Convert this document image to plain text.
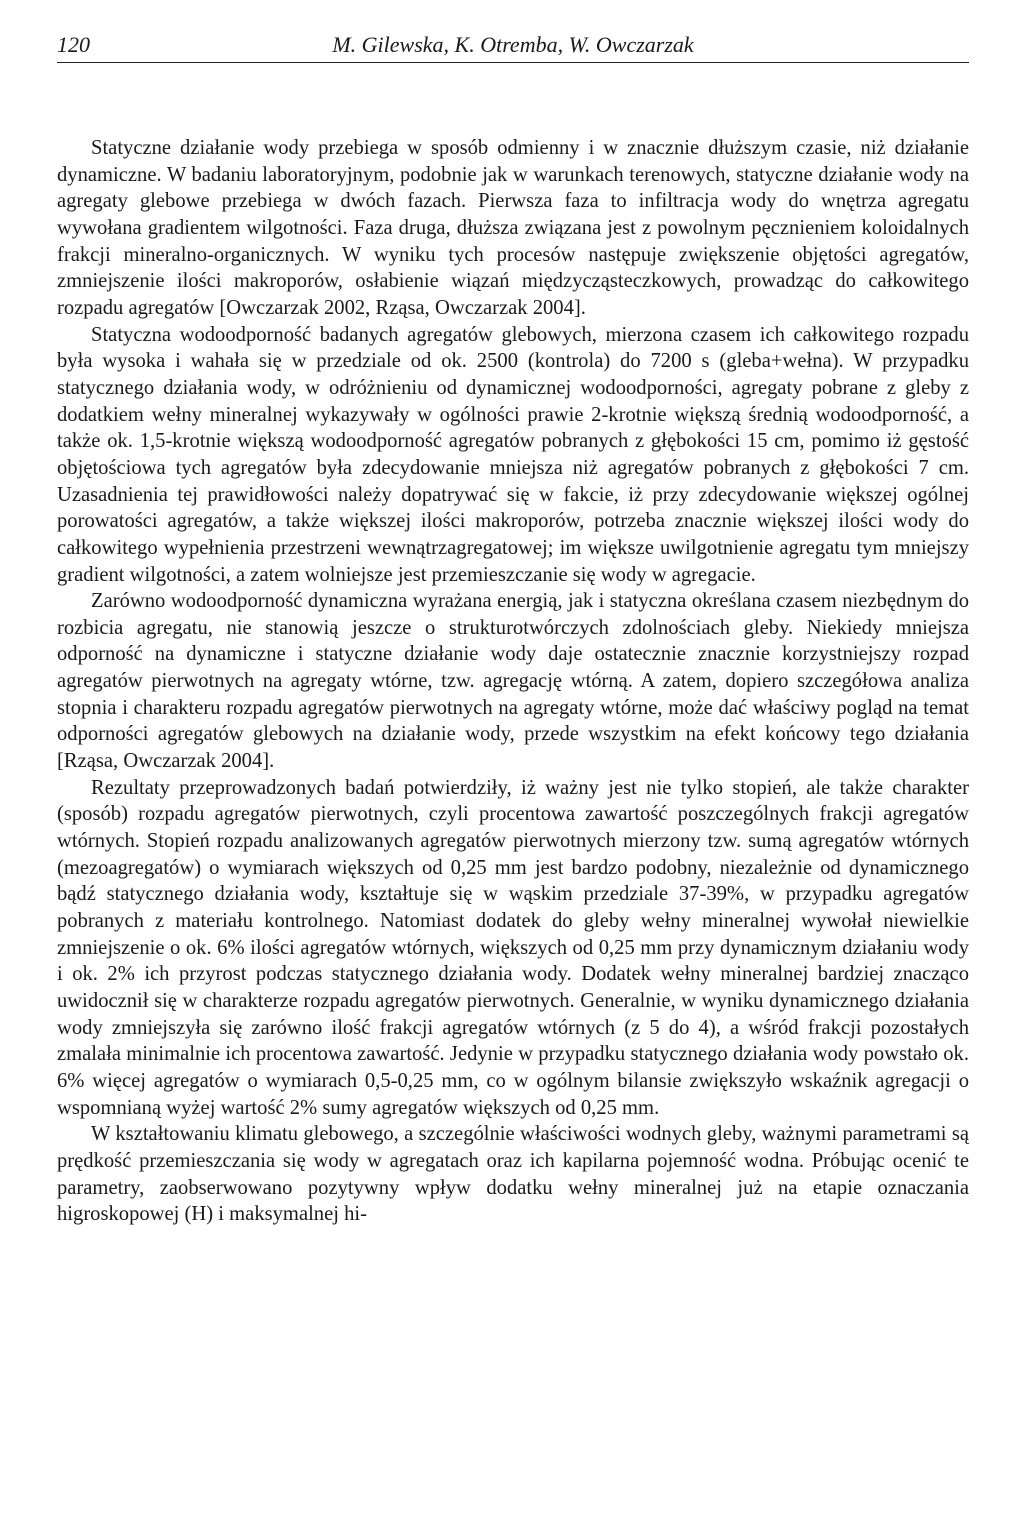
120	M. Gilewska, K. Otremba, W. Owczarzak

Statyczne działanie wody przebiega w sposób odmienny i w znacznie dłuższym czasie, niż działanie dynamiczne. W badaniu laboratoryjnym, podobnie jak w warunkach terenowych, statyczne działanie wody na agregaty glebowe przebiega w dwóch fazach. Pierwsza faza to infiltracja wody do wnętrza agregatu wywołana gradientem wilgotności. Faza druga, dłuższa związana jest z powolnym pęcznieniem koloidalnych frakcji mineralno-organicznych. W wyniku tych procesów następuje zwiększenie objętości agregatów, zmniejszenie ilości makroporów, osłabienie wiązań międzycząsteczkowych, prowadząc do całkowitego rozpadu agregatów [Owczarzak 2002, Rząsa, Owczarzak 2004].

Statyczna wodoodporność badanych agregatów glebowych, mierzona czasem ich całkowitego rozpadu była wysoka i wahała się w przedziale od ok. 2500 (kontrola) do 7200 s (gleba+wełna). W przypadku statycznego działania wody, w odróżnieniu od dynamicznej wodoodporności, agregaty pobrane z gleby z dodatkiem wełny mineralnej wykazywały w ogólności prawie 2-krotnie większą średnią wodoodporność, a także ok. 1,5-krotnie większą wodoodporność agregatów pobranych z głębokości 15 cm, pomimo iż gęstość objętościowa tych agregatów była zdecydowanie mniejsza niż agregatów pobranych z głębokości 7 cm. Uzasadnienia tej prawidłowości należy dopatrywać się w fakcie, iż przy zdecydowanie większej ogólnej porowatości agregatów, a także większej ilości makroporów, potrzeba znacznie większej ilości wody do całkowitego wypełnienia przestrzeni wewnątrzagregatowej; im większe uwilgotnienie agregatu tym mniejszy gradient wilgotności, a zatem wolniejsze jest przemieszczanie się wody w agregacie.

Zarówno wodoodporność dynamiczna wyrażana energią, jak i statyczna określana czasem niezbędnym do rozbicia agregatu, nie stanowią jeszcze o strukturotwórczych zdolnościach gleby. Niekiedy mniejsza odporność na dynamiczne i statyczne działanie wody daje ostatecznie znacznie korzystniejszy rozpad agregatów pierwotnych na agregaty wtórne, tzw. agregację wtórną. A zatem, dopiero szczegółowa analiza stopnia i charakteru rozpadu agregatów pierwotnych na agregaty wtórne, może dać właściwy pogląd na temat odporności agregatów glebowych na działanie wody, przede wszystkim na efekt końcowy tego działania [Rząsa, Owczarzak 2004].

Rezultaty przeprowadzonych badań potwierdziły, iż ważny jest nie tylko stopień, ale także charakter (sposób) rozpadu agregatów pierwotnych, czyli procentowa zawartość poszczególnych frakcji agregatów wtórnych. Stopień rozpadu analizowanych agregatów pierwotnych mierzony tzw. sumą agregatów wtórnych (mezoagregatów) o wymiarach większych od 0,25 mm jest bardzo podobny, niezależnie od dynamicznego bądź statycznego działania wody, kształtuje się w wąskim przedziale 37-39%, w przypadku agregatów pobranych z materiału kontrolnego. Natomiast dodatek do gleby wełny mineralnej wywołał niewielkie zmniejszenie o ok. 6% ilości agregatów wtórnych, większych od 0,25 mm przy dynamicznym działaniu wody i ok. 2% ich przyrost podczas statycznego działania wody. Dodatek wełny mineralnej bardziej znacząco uwidocznił się w charakterze rozpadu agregatów pierwotnych. Generalnie, w wyniku dynamicznego działania wody zmniejszyła się zarówno ilość frakcji agregatów wtórnych (z 5 do 4), a wśród frakcji pozostałych zmalała minimalnie ich procentowa zawartość. Jedynie w przypadku statycznego działania wody powstało ok. 6% więcej agregatów o wymiarach 0,5-0,25 mm, co w ogólnym bilansie zwiększyło wskaźnik agregacji o wspomnianą wyżej wartość 2% sumy agregatów większych od 0,25 mm.

W kształtowaniu klimatu glebowego, a szczególnie właściwości wodnych gleby, ważnymi parametrami są prędkość przemieszczania się wody w agregatach oraz ich kapilarna pojemność wodna. Próbując ocenić te parametry, zaobserwowano pozytywny wpływ dodatku wełny mineralnej już na etapie oznaczania higroskopowej (H) i maksymalnej hi-
